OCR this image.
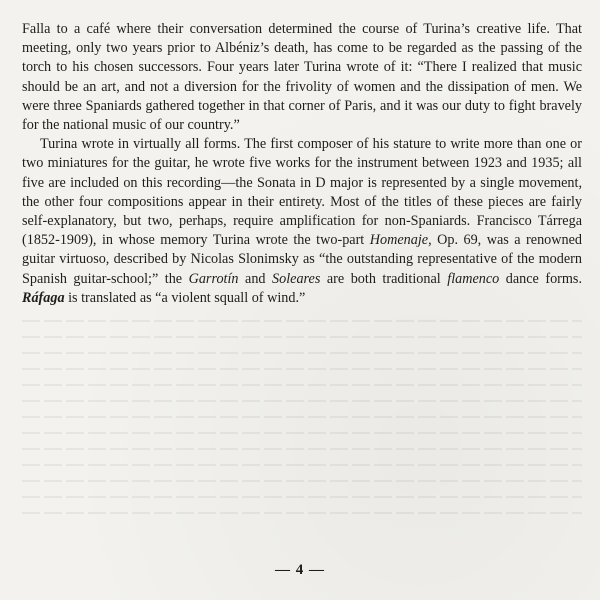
Falla to a café where their conversation determined the course of Turina’s creative life. That meeting, only two years prior to Albéniz’s death, has come to be regarded as the passing of the torch to his chosen successors. Four years later Turina wrote of it: “There I realized that music should be an art, and not a diversion for the frivolity of women and the dissipation of men. We were three Spaniards gathered together in that corner of Paris, and it was our duty to fight bravely for the national music of our country.”

Turina wrote in virtually all forms. The first composer of his stature to write more than one or two miniatures for the guitar, he wrote five works for the instrument between 1923 and 1935; all five are included on this recording—the Sonata in D major is represented by a single movement, the other four compositions appear in their entirety. Most of the titles of these pieces are fairly self-explanatory, but two, perhaps, require amplification for non-Spaniards. Francisco Tárrega (1852-1909), in whose memory Turina wrote the two-part Homenaje, Op. 69, was a renowned guitar virtuoso, described by Nicolas Slonimsky as “the outstanding representative of the modern Spanish guitar-school;” the Garrotín and Soleares are both traditional flamenco dance forms. Ráfaga is translated as “a violent squall of wind.”

— 4 —
